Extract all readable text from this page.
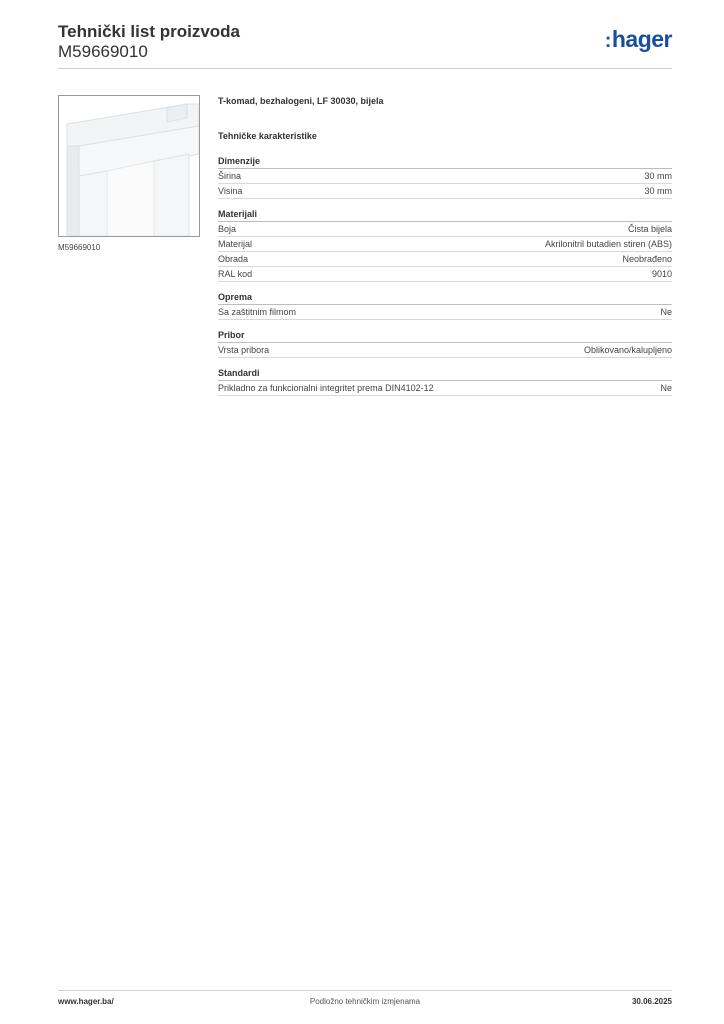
Tehnički list proizvoda
M59669010	:hager
M59669010
T-komad, bezhalogeni, LF 30030, bijela
Tehničke karakteristike
Dimenzije
Širina	30 mm
Visina	30 mm
Materijali
Boja	Čista bijela
Materijal	Akrilonitril butadien stiren (ABS)
Obrada	Neobrađeno
RAL kod	9010
Oprema
Sa zaštitnim filmom	Ne
Pribor
Vrsta pribora	Oblikovano/kalupljeno
Standardi
Prikladno za funkcionalni integritet prema DIN4102-12	Ne
www.hager.ba/	Podložno tehničkim izmjenama	30.06.2025
